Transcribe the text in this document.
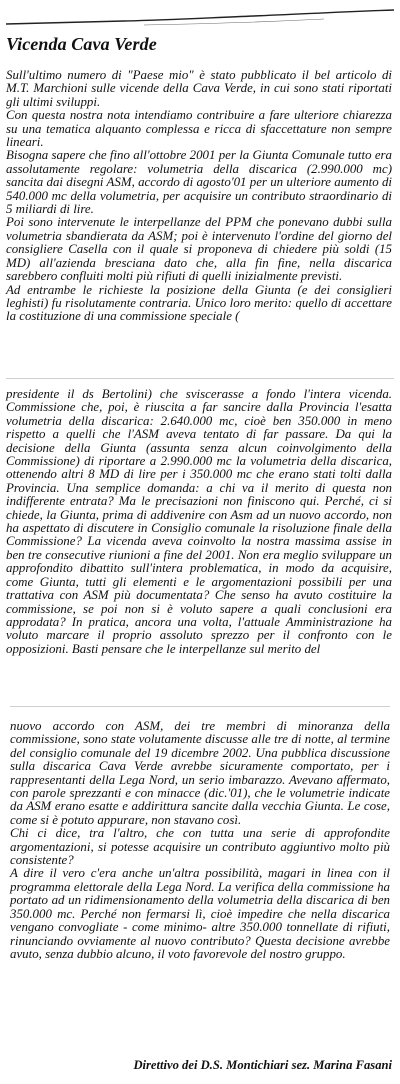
Vicenda Cava Verde

Sull'ultimo numero di "Paese mio" è stato pubblicato il bel articolo di M.T. Marchioni sulle vicende della Cava Verde, in cui sono stati riportati gli ultimi sviluppi.

Con questa nostra nota intendiamo contribuire a fare ulteriore chiarezza su una tematica alquanto complessa e ricca di sfaccettature non sempre lineari.

Bisogna sapere che fino all'ottobre 2001 per la Giunta Comunale tutto era assolutamente regolare: volumetria della discarica (2.990.000 mc) sancita dai disegni ASM, accordo di agosto'01 per un ulteriore aumento di 540.000 mc della volumetria, per acquisire un contributo straordinario di 5 miliardi di lire.

Poi sono intervenute le interpellanze del PPM che ponevano dubbi sulla volumetria sbandierata da ASM; poi è intervenuto l'ordine del giorno del consigliere Casella con il quale si proponeva di chiedere più soldi (15 MD) all'azienda bresciana dato che, alla fin fine, nella discarica sarebbero confluiti molti più rifiuti di quelli inizialmente previsti.

Ad entrambe le richieste la posizione della Giunta (e dei consiglieri leghisti) fu risolutamente contraria. Unico loro merito: quello di accettare la costituzione di una commissione speciale (

presidente il ds Bertolini) che sviscerasse a fondo l'intera vicenda. Commissione che, poi, è riuscita a far sancire dalla Provincia l'esatta volumetria della discarica: 2.640.000 mc, cioè ben 350.000 in meno rispetto a quelli che l'ASM aveva tentato di far passare. Da qui la decisione della Giunta (assunta senza alcun coinvolgimento della Commissione) di riportare a 2.990.000 mc la volumetria della discarica, ottenendo altri 8 MD di lire per i 350.000 mc che erano stati tolti dalla Provincia. Una semplice domanda: a chi va il merito di questa non indifferente entrata? Ma le precisazioni non finiscono qui. Perché, ci si chiede, la Giunta, prima di addivenire con Asm ad un nuovo accordo, non ha aspettato di discutere in Consiglio comunale la risoluzione finale della Commissione? La vicenda aveva coinvolto la nostra massima assise in ben tre consecutive riunioni a fine del 2001. Non era meglio sviluppare un approfondito dibattito sull'intera problematica, in modo da acquisire, come Giunta, tutti gli elementi e le argomentazioni possibili per una trattativa con ASM più documentata? Che senso ha avuto costituire la commissione, se poi non si è voluto sapere a quali conclusioni era approdata? In pratica, ancora una volta, l'attuale Amministrazione ha voluto marcare il proprio assoluto sprezzo per il confronto con le opposizioni. Basti pensare che le interpellanze sul merito del

nuovo accordo con ASM, dei tre membri di minoranza della commissione, sono state volutamente discusse alle tre di notte, al termine del consiglio comunale del 19 dicembre 2002. Una pubblica discussione sulla discarica Cava Verde avrebbe sicuramente comportato, per i rappresentanti della Lega Nord, un serio imbarazzo. Avevano affermato, con parole sprezzanti e con minacce (dic.'01), che le volumetrie indicate da ASM erano esatte e addirittura sancite dalla vecchia Giunta. Le cose, come si è potuto appurare, non stavano così.

Chi ci dice, tra l'altro, che con tutta una serie di approfondite argomentazioni, si potesse acquisire un contributo aggiuntivo molto più consistente?

A dire il vero c'era anche un'altra possibilità, magari in linea con il programma elettorale della Lega Nord. La verifica della commissione ha portato ad un ridimensionamento della volumetria della discarica di ben 350.000 mc. Perché non fermarsi lì, cioè impedire che nella discarica vengano convogliate - come minimo- altre 350.000 tonnellate di rifiuti, rinunciando ovviamente al nuovo contributo? Questa decisione avrebbe avuto, senza dubbio alcuno, il voto favorevole del nostro gruppo.

Direttivo dei D.S. Montichiari sez. Marina Fasani
